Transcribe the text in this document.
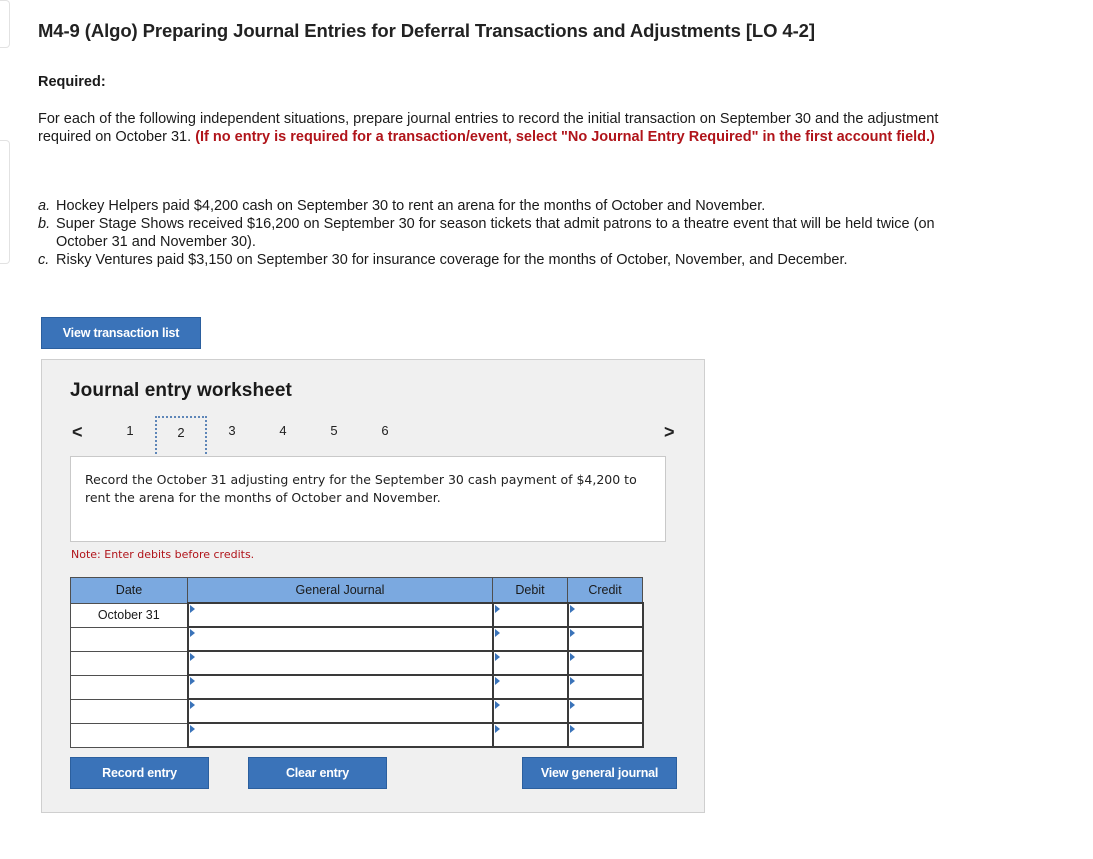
M4-9 (Algo) Preparing Journal Entries for Deferral Transactions and Adjustments [LO 4-2]
Required:
For each of the following independent situations, prepare journal entries to record the initial transaction on September 30 and the adjustment required on October 31. (If no entry is required for a transaction/event, select "No Journal Entry Required" in the first account field.)
a. Hockey Helpers paid $4,200 cash on September 30 to rent an arena for the months of October and November.
b. Super Stage Shows received $16,200 on September 30 for season tickets that admit patrons to a theatre event that will be held twice (on October 31 and November 30).
c. Risky Ventures paid $3,150 on September 30 for insurance coverage for the months of October, November, and December.
View transaction list
Journal entry worksheet
<	1	2	3	4	5	6	>
Record the October 31 adjusting entry for the September 30 cash payment of $4,200 to rent the arena for the months of October and November.
Note: Enter debits before credits.
Date	General Journal	Debit	Credit
October 31			

Record entry	Clear entry	View general journal
